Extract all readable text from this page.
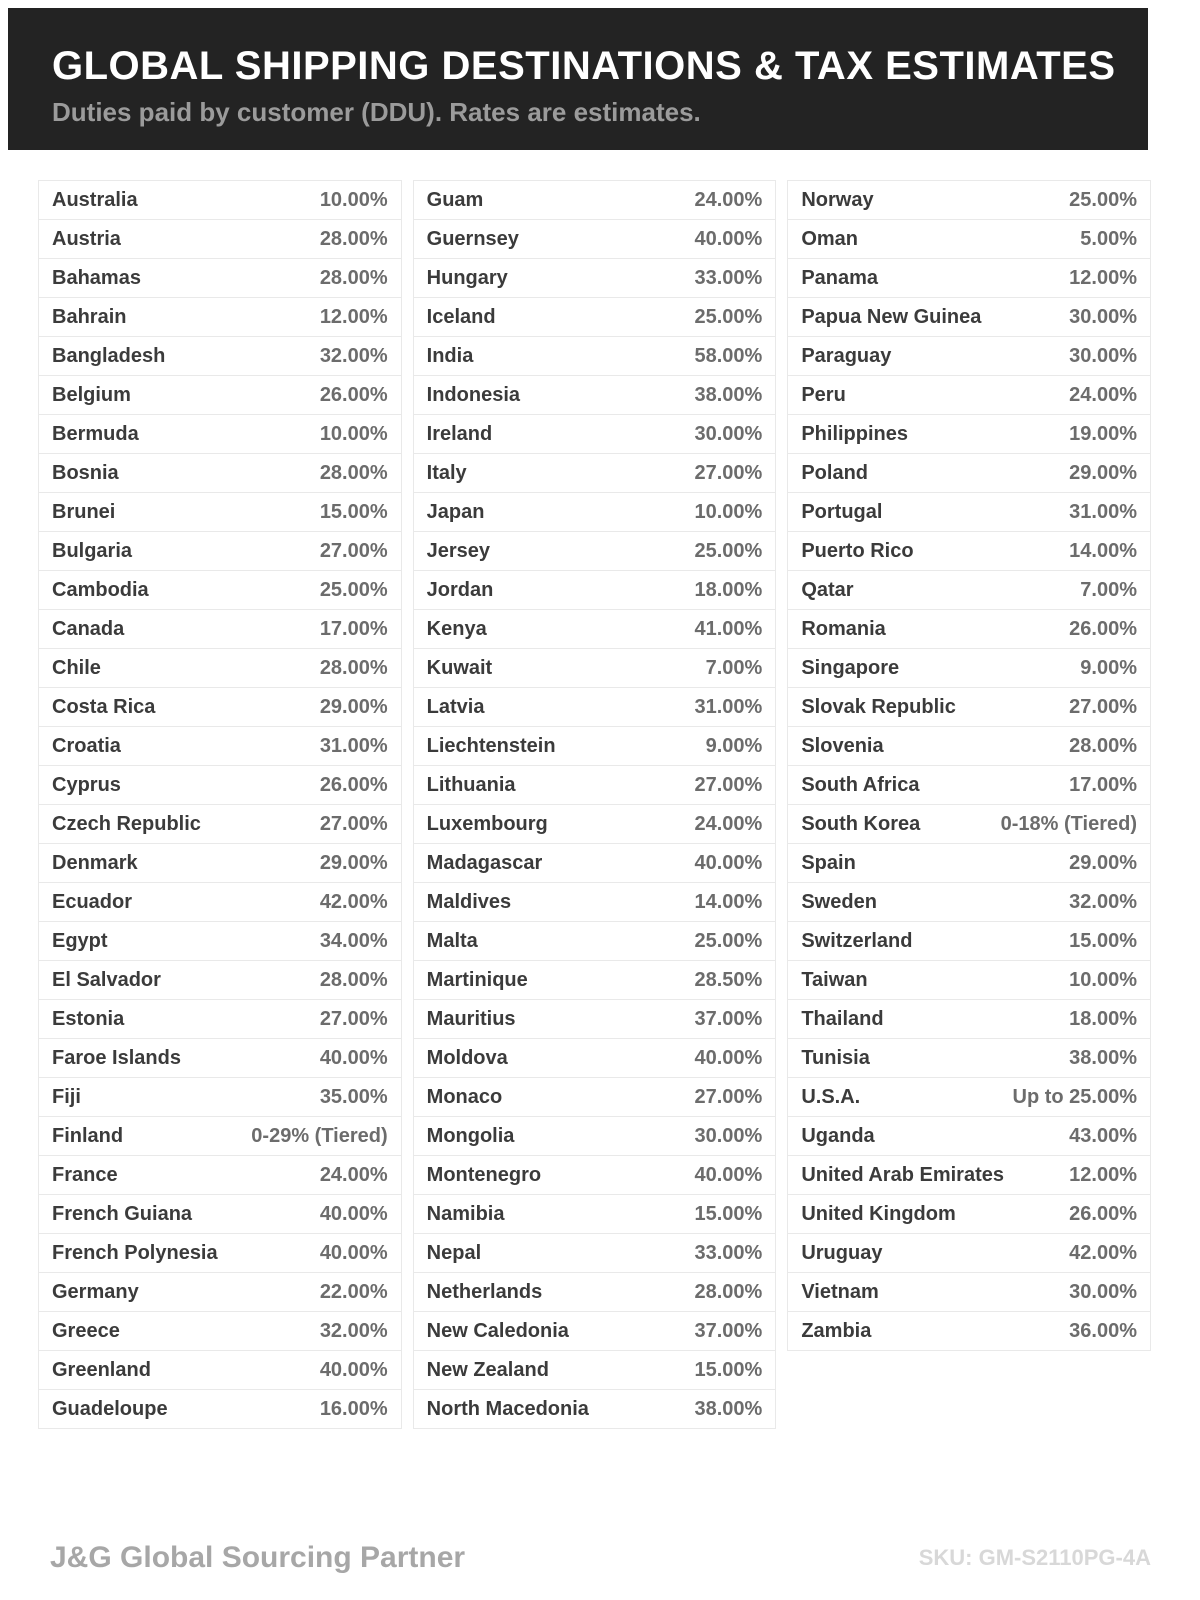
GLOBAL SHIPPING DESTINATIONS & TAX ESTIMATES

Duties paid by customer (DDU). Rates are estimates.

Australia	10.00%
Austria	28.00%
Bahamas	28.00%
Bahrain	12.00%
Bangladesh	32.00%
Belgium	26.00%
Bermuda	10.00%
Bosnia	28.00%
Brunei	15.00%
Bulgaria	27.00%
Cambodia	25.00%
Canada	17.00%
Chile	28.00%
Costa Rica	29.00%
Croatia	31.00%
Cyprus	26.00%
Czech Republic	27.00%
Denmark	29.00%
Ecuador	42.00%
Egypt	34.00%
El Salvador	28.00%
Estonia	27.00%
Faroe Islands	40.00%
Fiji	35.00%
Finland	0-29% (Tiered)
France	24.00%
French Guiana	40.00%
French Polynesia	40.00%
Germany	22.00%
Greece	32.00%
Greenland	40.00%
Guadeloupe	16.00%
Guam	24.00%
Guernsey	40.00%
Hungary	33.00%
Iceland	25.00%
India	58.00%
Indonesia	38.00%
Ireland	30.00%
Italy	27.00%
Japan	10.00%
Jersey	25.00%
Jordan	18.00%
Kenya	41.00%
Kuwait	7.00%
Latvia	31.00%
Liechtenstein	9.00%
Lithuania	27.00%
Luxembourg	24.00%
Madagascar	40.00%
Maldives	14.00%
Malta	25.00%
Martinique	28.50%
Mauritius	37.00%
Moldova	40.00%
Monaco	27.00%
Mongolia	30.00%
Montenegro	40.00%
Namibia	15.00%
Nepal	33.00%
Netherlands	28.00%
New Caledonia	37.00%
New Zealand	15.00%
North Macedonia	38.00%
Norway	25.00%
Oman	5.00%
Panama	12.00%
Papua New Guinea	30.00%
Paraguay	30.00%
Peru	24.00%
Philippines	19.00%
Poland	29.00%
Portugal	31.00%
Puerto Rico	14.00%
Qatar	7.00%
Romania	26.00%
Singapore	9.00%
Slovak Republic	27.00%
Slovenia	28.00%
South Africa	17.00%
South Korea	0-18% (Tiered)
Spain	29.00%
Sweden	32.00%
Switzerland	15.00%
Taiwan	10.00%
Thailand	18.00%
Tunisia	38.00%
U.S.A.	Up to 25.00%
Uganda	43.00%
United Arab Emirates	12.00%
United Kingdom	26.00%
Uruguay	42.00%
Vietnam	30.00%
Zambia	36.00%
J&G Global Sourcing Partner	SKU: GM-S2110PG-4A
